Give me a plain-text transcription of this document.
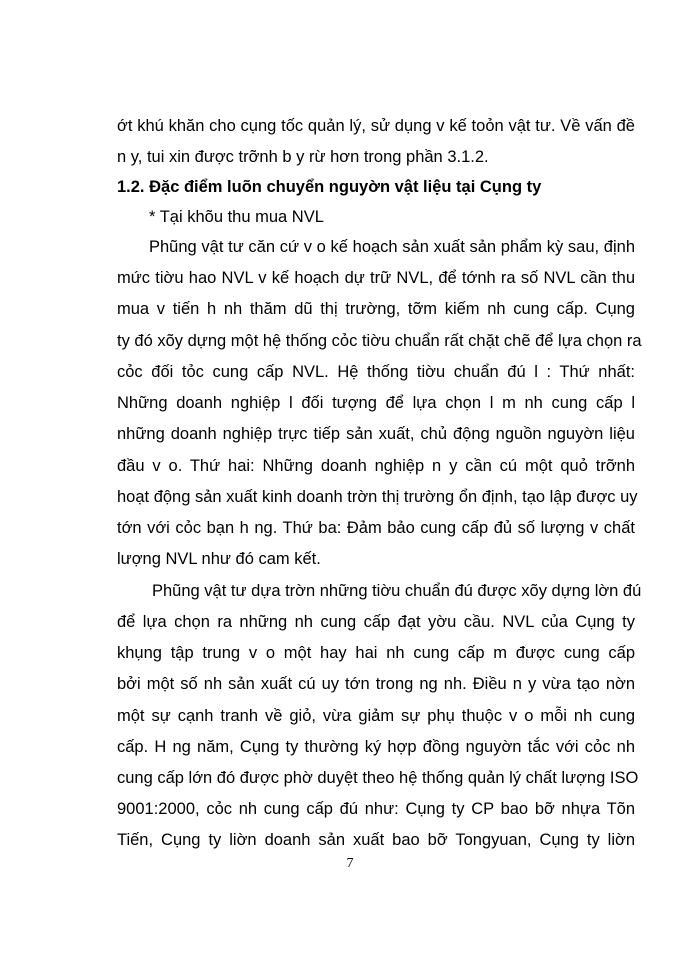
ớt khú khăn cho cụng tốc quản lý, sử dụng v kế toỏn vật tư. Về vấn đề
n y, tui xin được trỡnh b y rừ hơn trong phần 3.1.2.
1.2. Đặc điểm luõn chuyển nguyờn vật liệu tại Cụng ty
* Tại khõu thu mua NVL
Phũng vật tư căn cứ v o kế hoạch sản xuất sản phẩm kỳ sau, định
mức tiờu hao NVL v kế hoạch dự trữ NVL, để tớnh ra số NVL cần thu
mua v tiến h nh thăm dũ thị trường, tỡm kiếm nh cung cấp. Cụng
ty đó xõy dựng một hệ thống cỏc tiờu chuẩn rất chặt chẽ để lựa chọn ra
cỏc đối tỏc cung cấp NVL. Hệ thống tiờu chuẩn đú l : Thứ nhất:
Những doanh nghiệp l đối tượng để lựa chọn l m nh cung cấp l
những doanh nghiệp trực tiếp sản xuất, chủ động nguồn nguyờn liệu
đầu v o. Thứ hai: Những doanh nghiệp n y cần cú một quỏ trỡnh
hoạt động sản xuất kinh doanh trờn thị trường ổn định, tạo lập được uy
tớn với cỏc bạn h ng. Thứ ba: Đảm bảo cung cấp đủ số lượng v chất
lượng NVL như đó cam kết.
Phũng vật tư dựa trờn những tiờu chuẩn đú được xõy dựng lờn đú
để lựa chọn ra những nh cung cấp đạt yờu cầu. NVL của Cụng ty
khụng tập trung v o một hay hai nh cung cấp m được cung cấp
bởi một số nh sản xuất cú uy tớn trong ng nh. Điều n y vừa tạo nờn
một sự cạnh tranh về giỏ, vừa giảm sự phụ thuộc v o mỗi nh cung
cấp. H ng năm, Cụng ty thường ký hợp đồng nguyờn tắc với cỏc nh
cung cấp lớn đó được phờ duyệt theo hệ thống quản lý chất lượng ISO
9001:2000, cỏc nh cung cấp đú như: Cụng ty CP bao bỡ nhựa Tõn
Tiến, Cụng ty liờn doanh sản xuất bao bỡ Tongyuan, Cụng ty liờn
7
